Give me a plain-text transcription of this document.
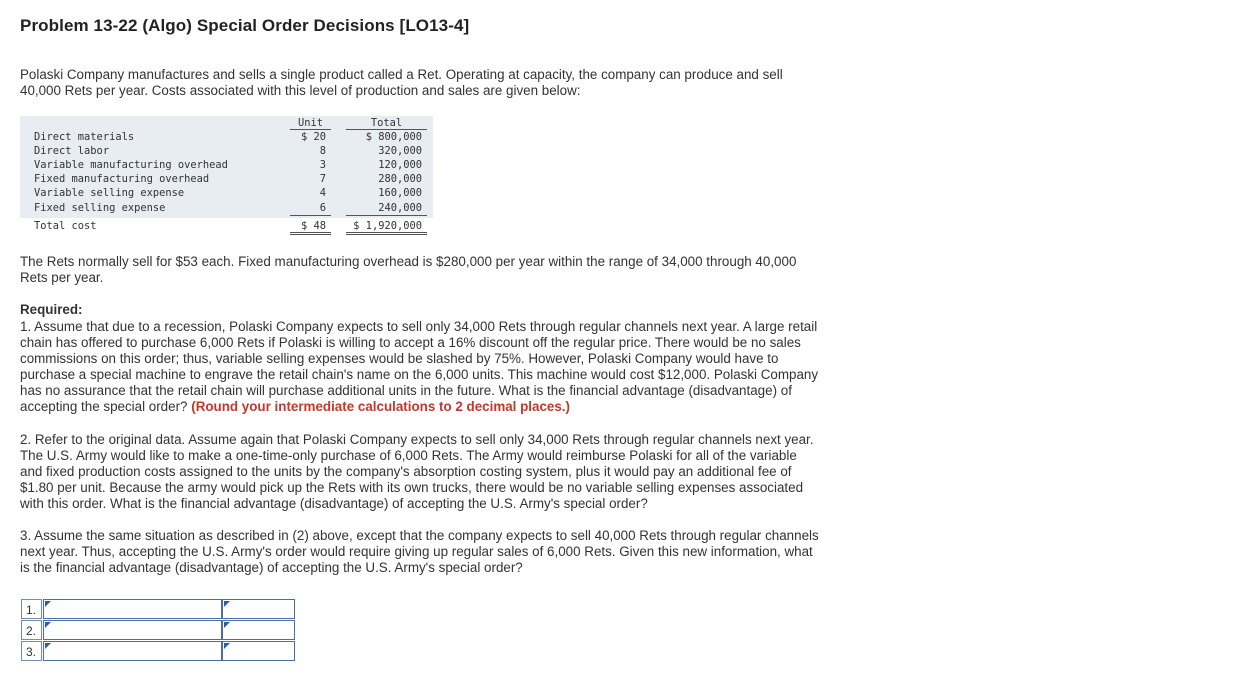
Problem 13-22 (Algo) Special Order Decisions [LO13-4]
Polaski Company manufactures and sells a single product called a Ret. Operating at capacity, the company can produce and sell
40,000 Rets per year. Costs associated with this level of production and sales are given below:
Unit	Total
Direct materials	$ 20	$ 800,000
Direct labor	8	320,000
Variable manufacturing overhead	3	120,000
Fixed manufacturing overhead	7	280,000
Variable selling expense	4	160,000
Fixed selling expense	6	240,000
Total cost	$ 48	$ 1,920,000
The Rets normally sell for $53 each. Fixed manufacturing overhead is $280,000 per year within the range of 34,000 through 40,000
Rets per year.
Required:
1. Assume that due to a recession, Polaski Company expects to sell only 34,000 Rets through regular channels next year. A large retail
chain has offered to purchase 6,000 Rets if Polaski is willing to accept a 16% discount off the regular price. There would be no sales
commissions on this order; thus, variable selling expenses would be slashed by 75%. However, Polaski Company would have to
purchase a special machine to engrave the retail chain's name on the 6,000 units. This machine would cost $12,000. Polaski Company
has no assurance that the retail chain will purchase additional units in the future. What is the financial advantage (disadvantage) of
accepting the special order? (Round your intermediate calculations to 2 decimal places.)
2. Refer to the original data. Assume again that Polaski Company expects to sell only 34,000 Rets through regular channels next year.
The U.S. Army would like to make a one-time-only purchase of 6,000 Rets. The Army would reimburse Polaski for all of the variable
and fixed production costs assigned to the units by the company's absorption costing system, plus it would pay an additional fee of
$1.80 per unit. Because the army would pick up the Rets with its own trucks, there would be no variable selling expenses associated
with this order. What is the financial advantage (disadvantage) of accepting the U.S. Army's special order?
3. Assume the same situation as described in (2) above, except that the company expects to sell 40,000 Rets through regular channels
next year. Thus, accepting the U.S. Army's order would require giving up regular sales of 6,000 Rets. Given this new information, what
is the financial advantage (disadvantage) of accepting the U.S. Army's special order?
1.
2.
3.
